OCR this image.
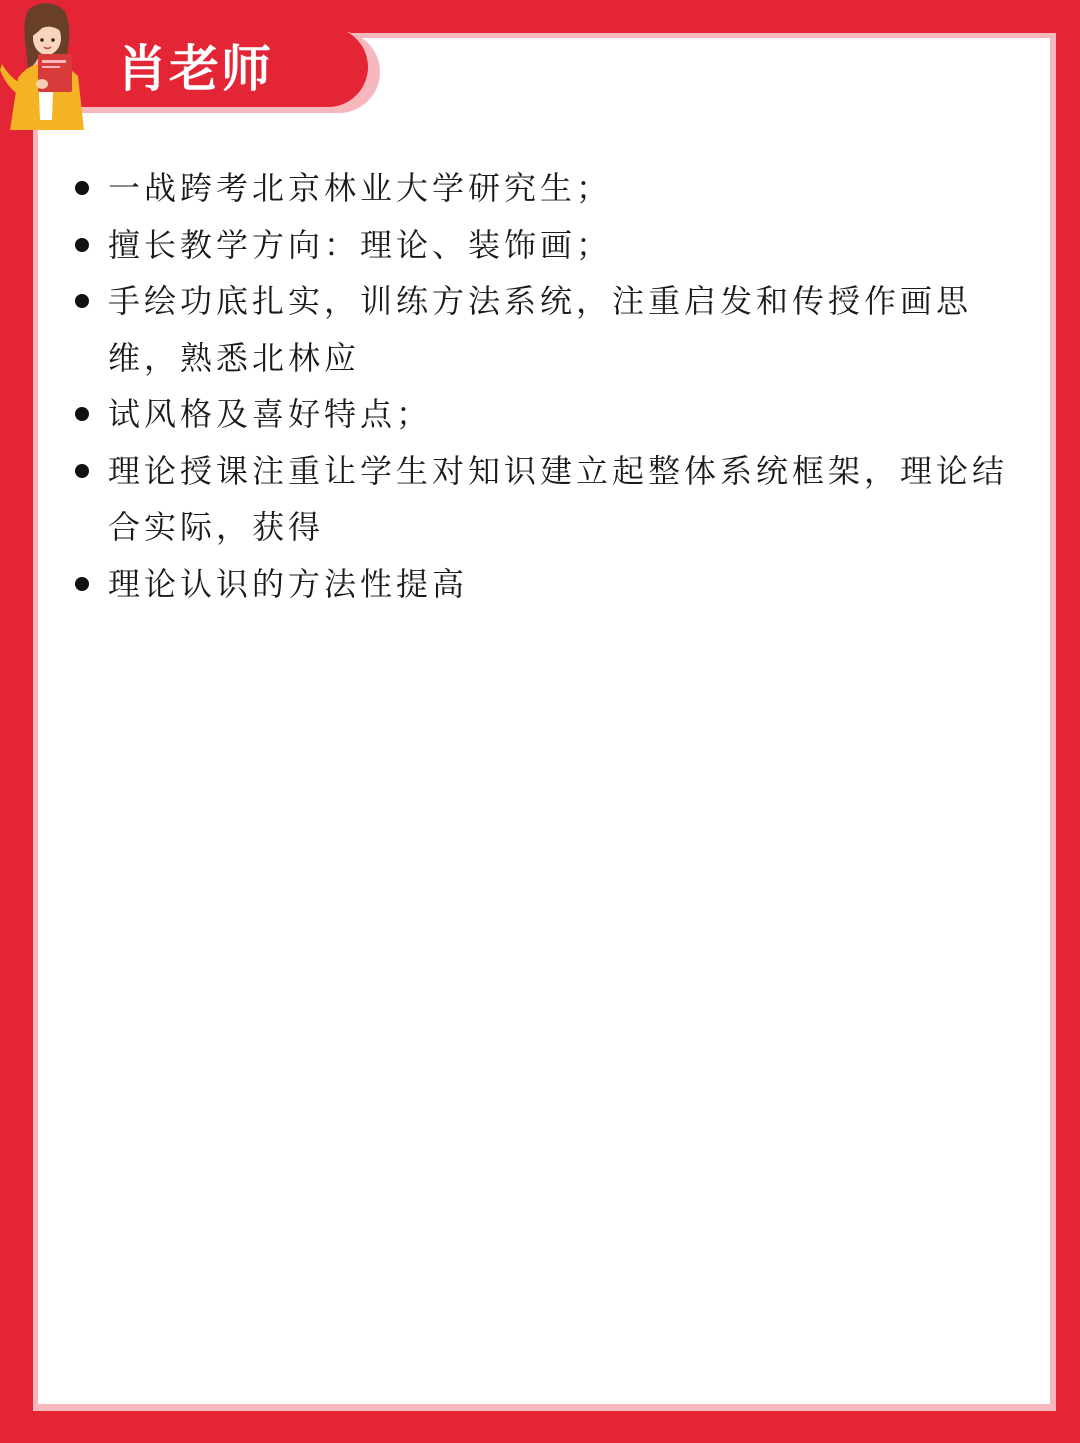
肖老师
一战跨考北京林业大学研究生；
擅长教学方向：理论、装饰画；
手绘功底扎实，训练方法系统，注重启发和传授作画思维，熟悉北林应
试风格及喜好特点；
理论授课注重让学生对知识建立起整体系统框架，理论结合实际，获得
理论认识的方法性提高
